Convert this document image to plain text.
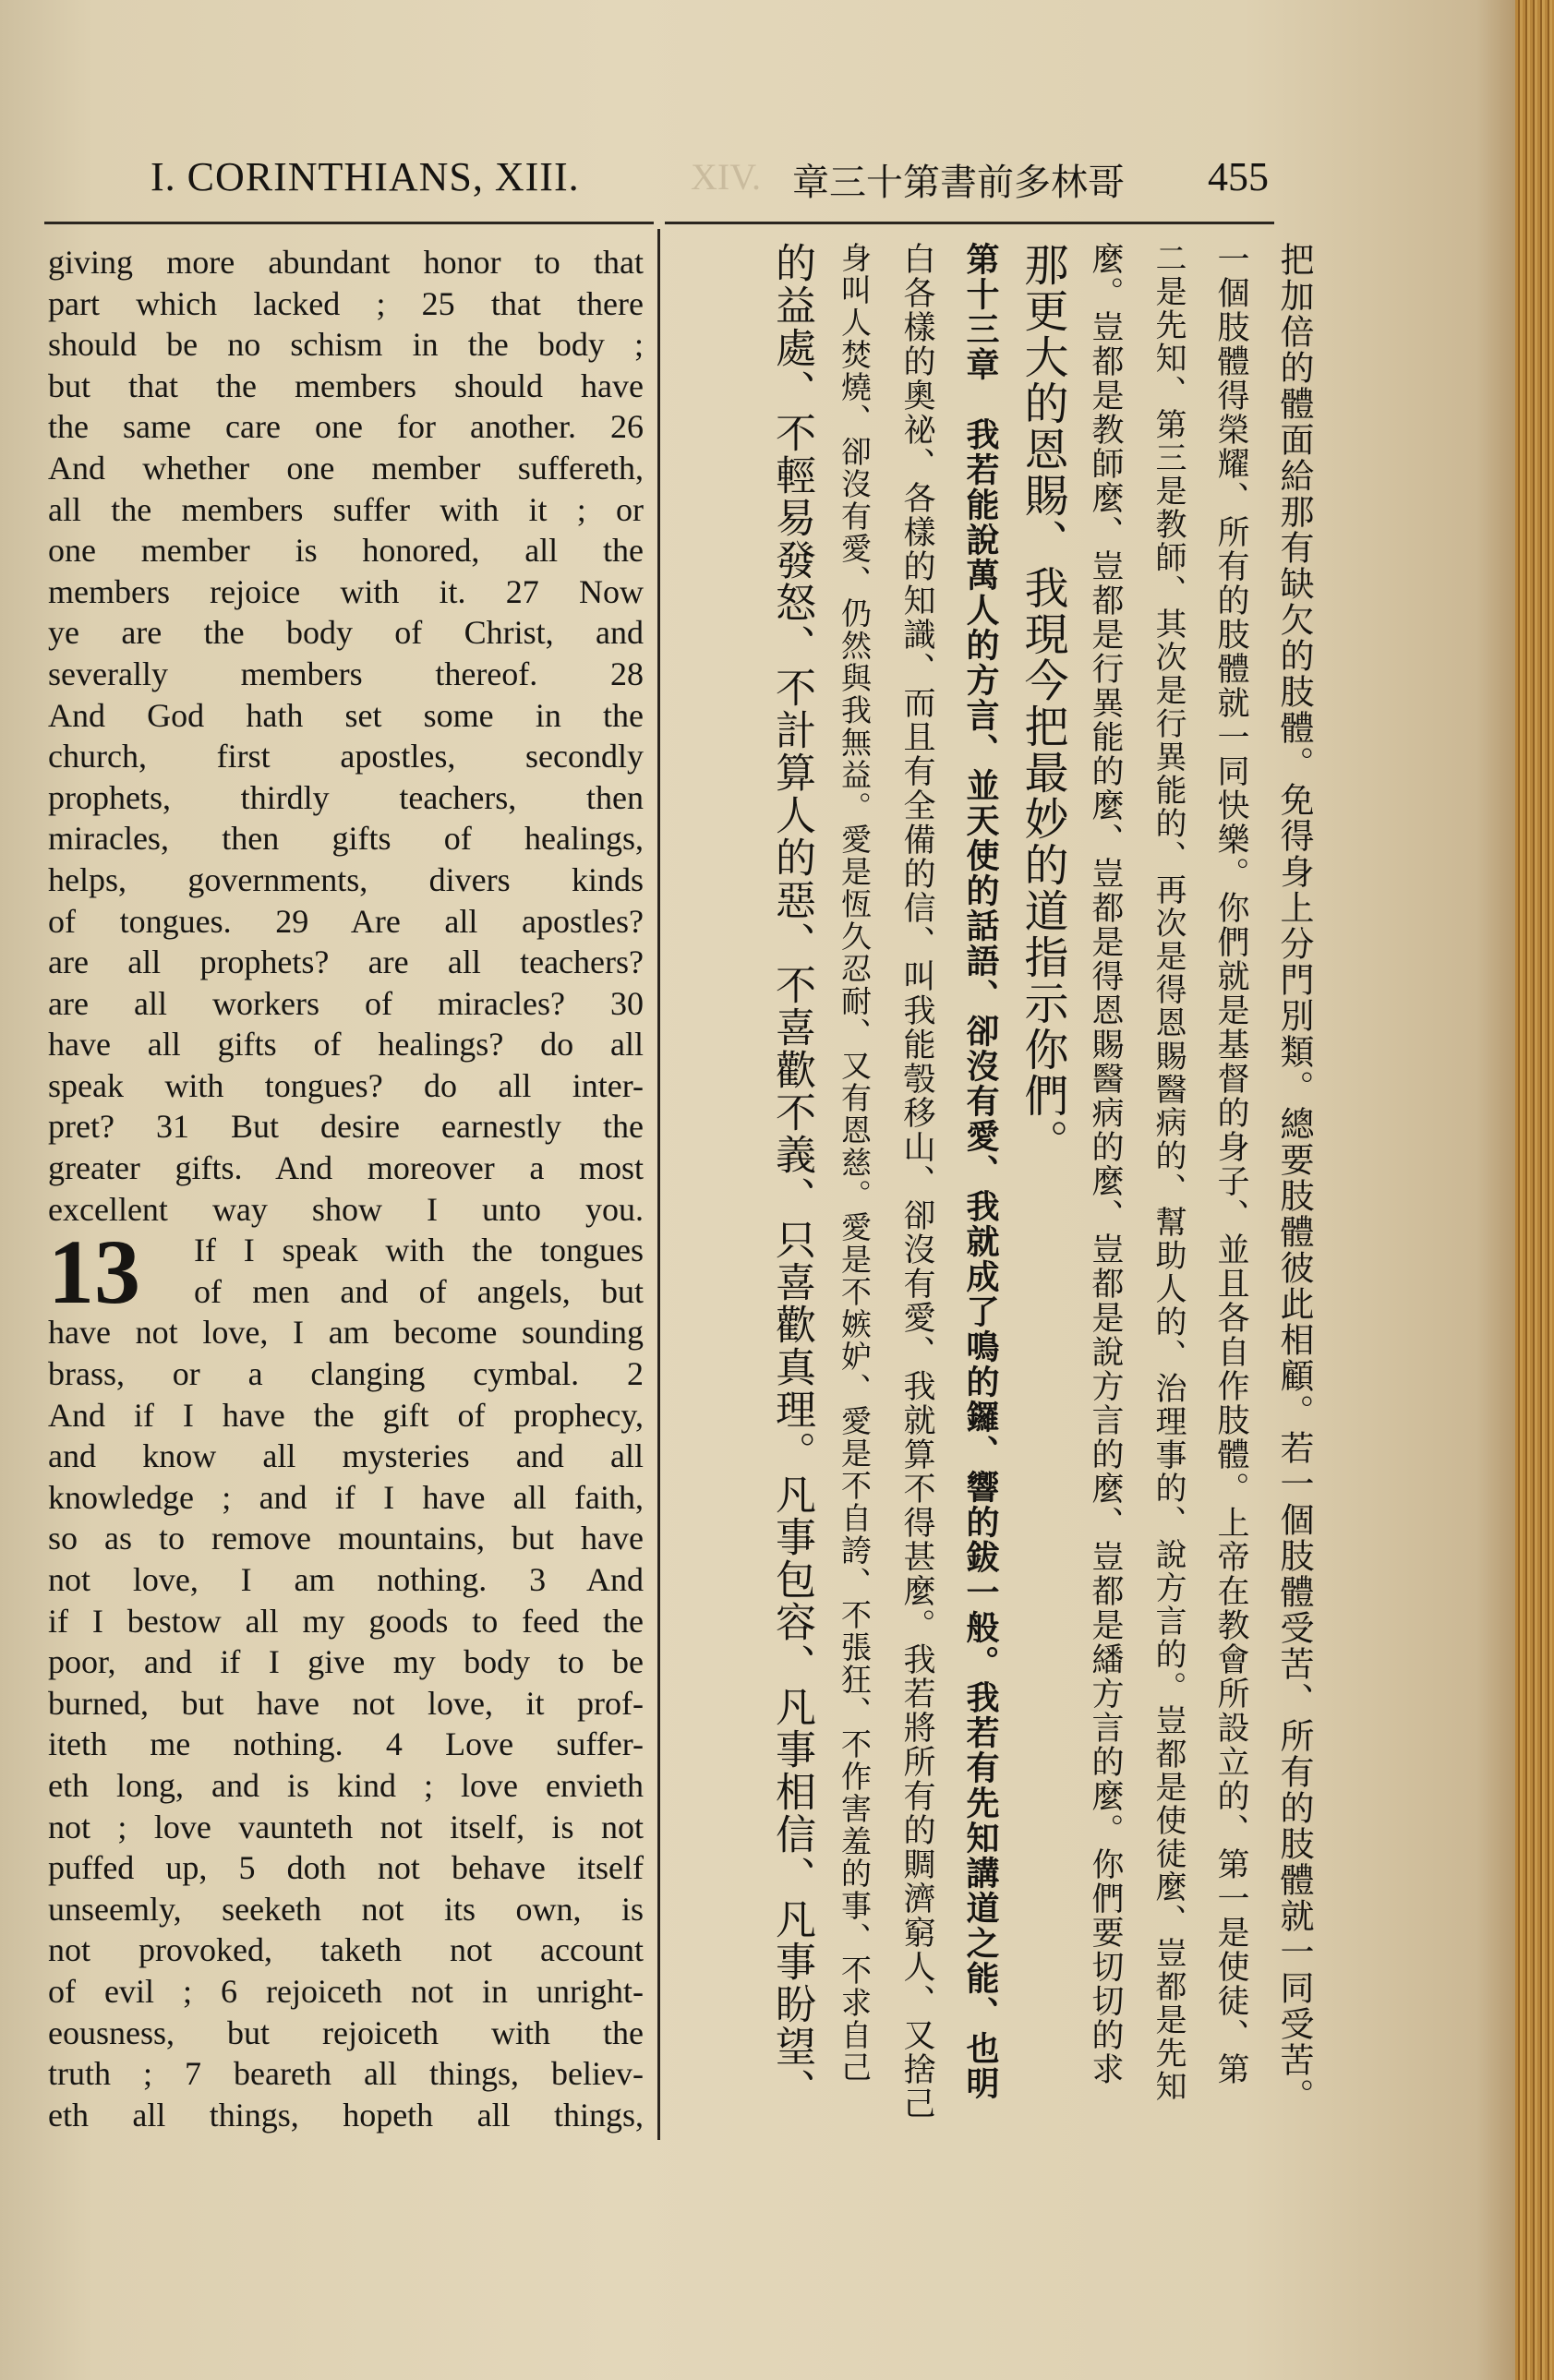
I. CORINTHIANS, XIII.	XIV. 章三十第書前多林哥 455
giving more abundant honor to that
part which lacked ; 25 that there
should be no schism in the body ;
but that the members should have
the same care one for another. 26
And whether one member suffereth,
all the members suffer with it ; or
one member is honored, all the
members rejoice with it. 27 Now
ye are the body of Christ, and
severally members thereof. 28
And God hath set some in the
church, first apostles, secondly
prophets, thirdly teachers, then
miracles, then gifts of healings,
helps, governments, divers kinds
of tongues. 29 Are all apostles?
are all prophets? are all teachers?
are all workers of miracles? 30
have all gifts of healings? do all
speak with tongues? do all inter-
pret? 31 But desire earnestly the
greater gifts. And moreover a most
excellent way show I unto you.
13	If I speak with the tongues
of men and of angels, but
have not love, I am become sounding
brass, or a clanging cymbal. 2
And if I have the gift of prophecy,
and know all mysteries and all
knowledge ; and if I have all faith,
so as to remove mountains, but have
not love, I am nothing. 3 And
if I bestow all my goods to feed the
poor, and if I give my body to be
burned, but have not love, it prof-
iteth me nothing. 4 Love suffer-
eth long, and is kind ; love envieth
not ; love vaunteth not itself, is not
puffed up, 5 doth not behave itself
unseemly, seeketh not its own, is
not provoked, taketh not account
of evil ; 6 rejoiceth not in unright-
eousness, but rejoiceth with the
truth ; 7 beareth all things, believ-
eth all things, hopeth all things,
把加倍的體面給那有缺欠的肢體。免得身上分門別類。總要肢體彼此相顧。若一個肢體受苦、所有的肢體就一同受苦。
一個肢體得榮耀、所有的肢體就一同快樂。你們就是基督的身子、並且各自作肢體。上帝在教會所設立的、第一是使徒、第
二是先知、第三是教師、其次是行異能的、再次是得恩賜醫病的、幫助人的、治理事的、說方言的。豈都是使徒麼、豈都是先知
麼。豈都是教師麼、豈都是行異能的麼、豈都是得恩賜醫病的麼、豈都是說方言的麼、豈都是繙方言的麼。你們要切切的求
那更大的恩賜、我現今把最妙的道指示你們。
第十三章　我若能說萬人的方言、並天使的話語、卻沒有愛、我就成了鳴的鑼、響的鈸一般。我若有先知講道之能、也明
白各樣的奧祕、各樣的知識、而且有全備的信、叫我能彀移山、卻沒有愛、我就算不得甚麼。我若將所有的賙濟窮人、又捨己
身叫人焚燒、卻沒有愛、仍然與我無益。愛是恆久忍耐、又有恩慈。愛是不嫉妒、愛是不自誇、不張狂、不作害羞的事、不求自己
的益處、不輕易發怒、不計算人的惡、不喜歡不義、只喜歡真理。凡事包容、凡事相信、凡事盼望、
